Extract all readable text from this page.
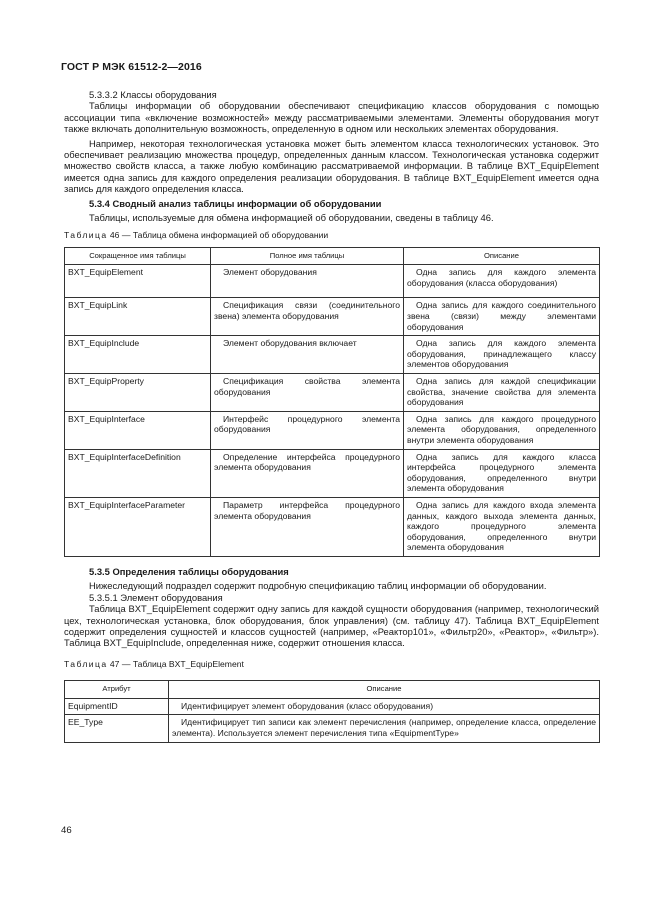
ГОСТ Р МЭК 61512-2—2016

5.3.3.2 Классы оборудования

Таблицы информации об оборудовании обеспечивают спецификацию классов оборудования с помощью ассоциации типа «включение возможностей» между рассматриваемыми элементами. Элементы оборудования могут также включать дополнительную возможность, определенную в одном или нескольких элементах оборудования.

Например, некоторая технологическая установка может быть элементом класса технологических установок. Это обеспечивает реализацию множества процедур, определенных данным классом. Технологическая установка содержит множество свойств класса, а также любую комбинацию рассматриваемой информации. В таблице BXT_EquipElement имеется одна запись для каждого определения реализации оборудования. В таблице BXT_EquipElement имеется одна запись для каждого определения класса.

5.3.4 Сводный анализ таблицы информации об оборудовании

Таблицы, используемые для обмена информацией об оборудовании, сведены в таблицу 46.

Таблица 46 — Таблица обмена информацией об оборудовании

Сокращенное имя таблицы	Полное имя таблицы	Описание
BXT_EquipElement	Элемент оборудования	Одна запись для каждого элемента оборудования (класса оборудования)
BXT_EquipLink	Спецификация связи (соединительного звена) элемента оборудования	Одна запись для каждого соединительного звена (связи) между элементами оборудования
BXT_EquipInclude	Элемент оборудования включает	Одна запись для каждого элемента оборудования, принадлежащего классу элементов оборудования
BXT_EquipProperty	Спецификация свойства элемента оборудования	Одна запись для каждой спецификации свойства, значение свойства для элемента оборудования
BXT_EquipInterface	Интерфейс процедурного элемента оборудования	Одна запись для каждого процедурного элемента оборудования, определенного внутри элемента оборудования
BXT_EquipInterfaceDefinition	Определение интерфейса процедурного элемента оборудования	Одна запись для каждого класса интерфейса процедурного элемента оборудования, определенного внутри элемента оборудования
BXT_EquipInterfaceParameter	Параметр интерфейса процедурного элемента оборудования	Одна запись для каждого входа элемента данных, каждого выхода элемента данных, каждого процедурного элемента оборудования, определенного внутри элемента оборудования

5.3.5 Определения таблицы оборудования

Нижеследующий подраздел содержит подробную спецификацию таблиц информации об оборудовании.

5.3.5.1 Элемент оборудования

Таблица BXT_EquipElement содержит одну запись для каждой сущности оборудования (например, технологический цех, технологическая установка, блок оборудования, блок управления) (см. таблицу 47). Таблица BXT_EquipElement содержит определения сущностей и классов сущностей (например, «Реактор101», «Фильтр20», «Реактор», «Фильтр»). Таблица BXT_EquipInclude, определенная ниже, содержит отношения класса.

Таблица 47 — Таблица BXT_EquipElement

Атрибут	Описание
EquipmentID	Идентифицирует элемент оборудования (класс оборудования)
EE_Type	Идентифицирует тип записи как элемент перечисления (например, определение класса, определение элемента). Используется элемент перечисления типа «EquipmentType»
46
